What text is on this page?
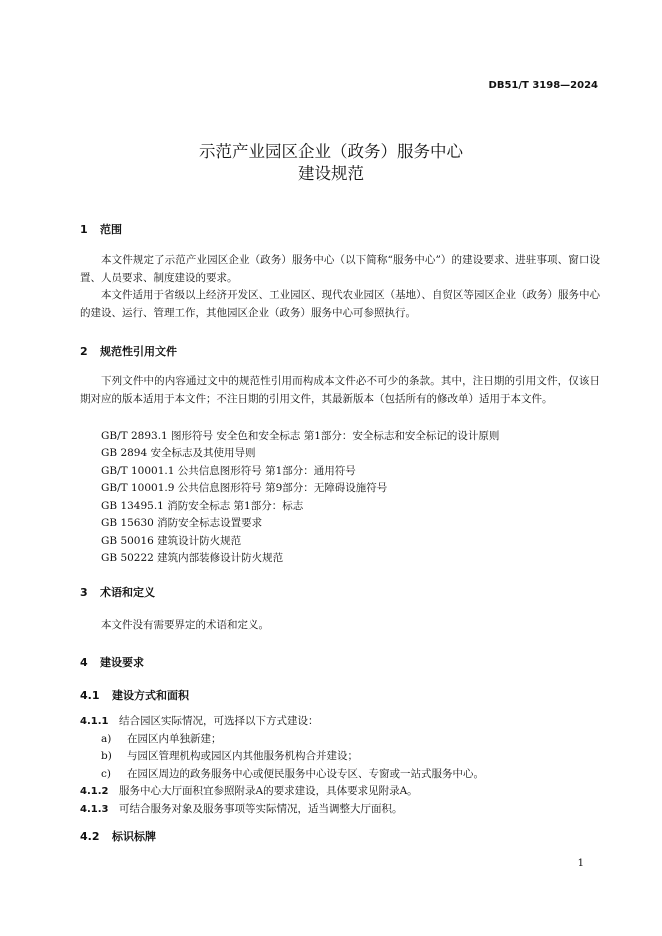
DB51/T 3198—2024
示范产业园区企业（政务）服务中心
建设规范
1 范围
本文件规定了示范产业园区企业（政务）服务中心（以下简称“服务中心”）的建设要求、进驻事项、窗口设置、人员要求、制度建设的要求。
本文件适用于省级以上经济开发区、工业园区、现代农业园区（基地）、自贸区等园区企业（政务）服务中心的建设、运行、管理工作，其他园区企业（政务）服务中心可参照执行。
2 规范性引用文件
下列文件中的内容通过文中的规范性引用而构成本文件必不可少的条款。其中，注日期的引用文件，仅该日期对应的版本适用于本文件；不注日期的引用文件，其最新版本（包括所有的修改单）适用于本文件。
GB/T 2893.1 图形符号 安全色和安全标志 第1部分：安全标志和安全标记的设计原则
GB 2894 安全标志及其使用导则
GB/T 10001.1 公共信息图形符号 第1部分：通用符号
GB/T 10001.9 公共信息图形符号 第9部分：无障碍设施符号
GB 13495.1 消防安全标志 第1部分：标志
GB 15630 消防安全标志设置要求
GB 50016 建筑设计防火规范
GB 50222 建筑内部装修设计防火规范
3 术语和定义
本文件没有需要界定的术语和定义。
4 建设要求
4.1 建设方式和面积
4.1.1 结合园区实际情况，可选择以下方式建设：
a) 在园区内单独新建；
b) 与园区管理机构或园区内其他服务机构合并建设；
c) 在园区周边的政务服务中心或便民服务中心设专区、专窗或一站式服务中心。
4.1.2 服务中心大厅面积宜参照附录A的要求建设，具体要求见附录A。
4.1.3 可结合服务对象及服务事项等实际情况，适当调整大厅面积。
4.2 标识标牌
1
